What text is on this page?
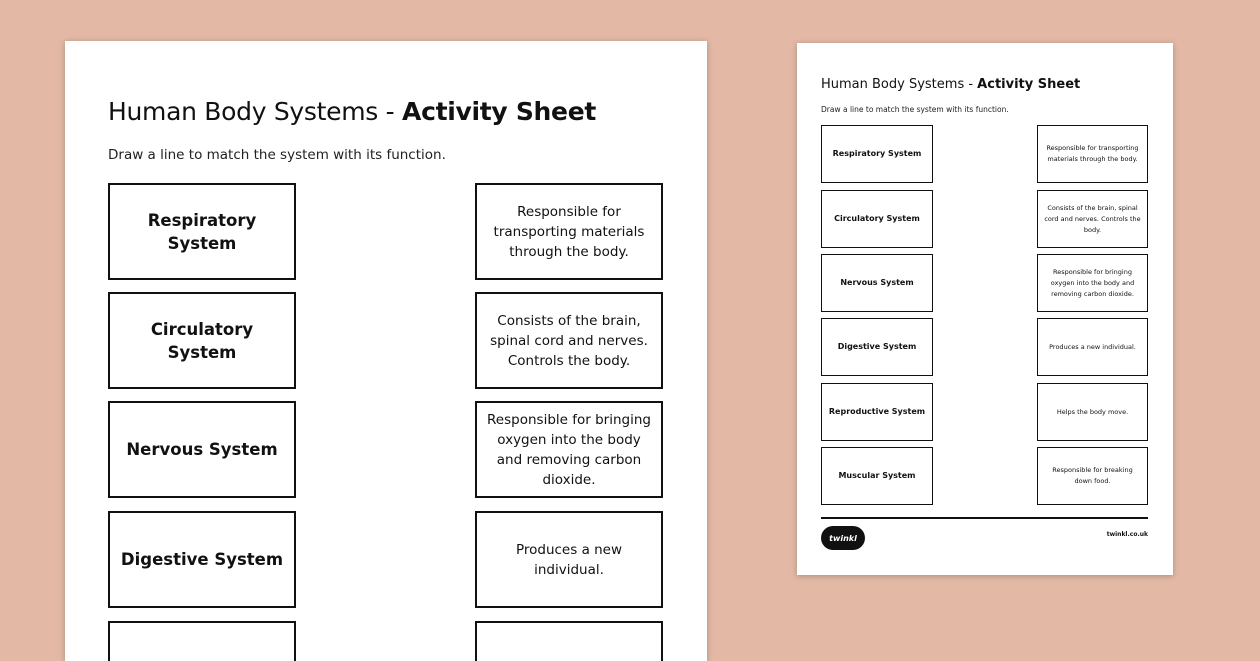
Human Body Systems - Activity Sheet
Draw a line to match the system with its function.
Respiratory System
Circulatory System
Nervous System
Digestive System
Responsible for transporting materials through the body.
Consists of the brain, spinal cord and nerves. Controls the body.
Responsible for bringing oxygen into the body and removing carbon dioxide.
Produces a new individual.
Human Body Systems - Activity Sheet
Draw a line to match the system with its function.
Respiratory System
Circulatory System
Nervous System
Digestive System
Reproductive System
Muscular System
Responsible for transporting materials through the body.
Consists of the brain, spinal cord and nerves. Controls the body.
Responsible for bringing oxygen into the body and removing carbon dioxide.
Produces a new individual.
Helps the body move.
Responsible for breaking down food.
twinkl	twinkl.co.uk
